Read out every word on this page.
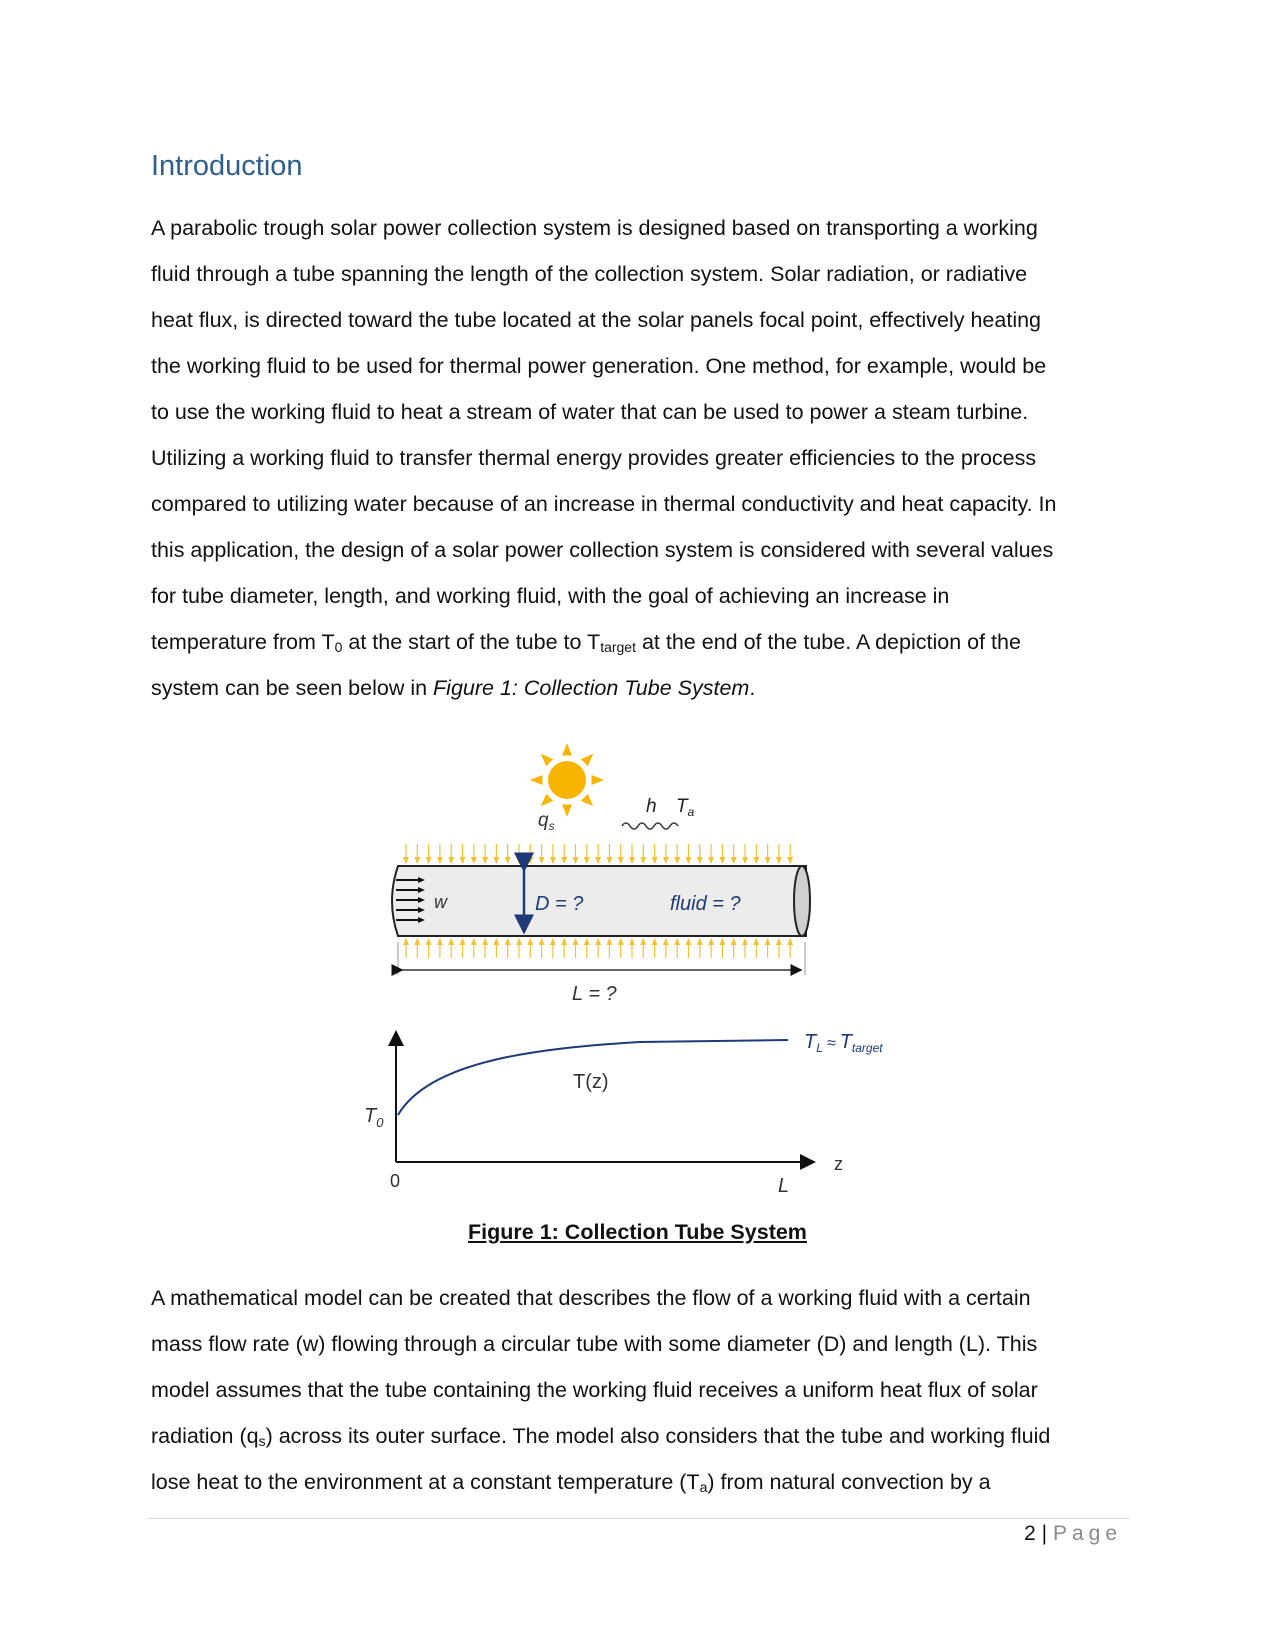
Introduction

A parabolic trough solar power collection system is designed based on transporting a working
fluid through a tube spanning the length of the collection system. Solar radiation, or radiative
heat flux, is directed toward the tube located at the solar panels focal point, effectively heating
the working fluid to be used for thermal power generation. One method, for example, would be
to use the working fluid to heat a stream of water that can be used to power a steam turbine.
Utilizing a working fluid to transfer thermal energy provides greater efficiencies to the process
compared to utilizing water because of an increase in thermal conductivity and heat capacity. In
this application, the design of a solar power collection system is considered with several values
for tube diameter, length, and working fluid, with the goal of achieving an increase in
temperature from $T_0$ at the start of the tube to $T_{target}$ at the end of the tube. A depiction of the
system can be seen below in Figure 1: Collection Tube System.

$q_s$
h $T_a$
w	D = ?	fluid = ?
L = ?
T(z)
$T_0$
$T_L$ ≈ $T_{target}$
0	L
z
Figure 1: Collection Tube System

A mathematical model can be created that describes the flow of a working fluid with a certain
mass flow rate (w) flowing through a circular tube with some diameter (D) and length (L). This
model assumes that the tube containing the working fluid receives a uniform heat flux of solar
radiation $(q_s)$ across its outer surface. The model also considers that the tube and working fluid
lose heat to the environment at a constant temperature $(T_a)$ from natural convection by a

2 | Page
